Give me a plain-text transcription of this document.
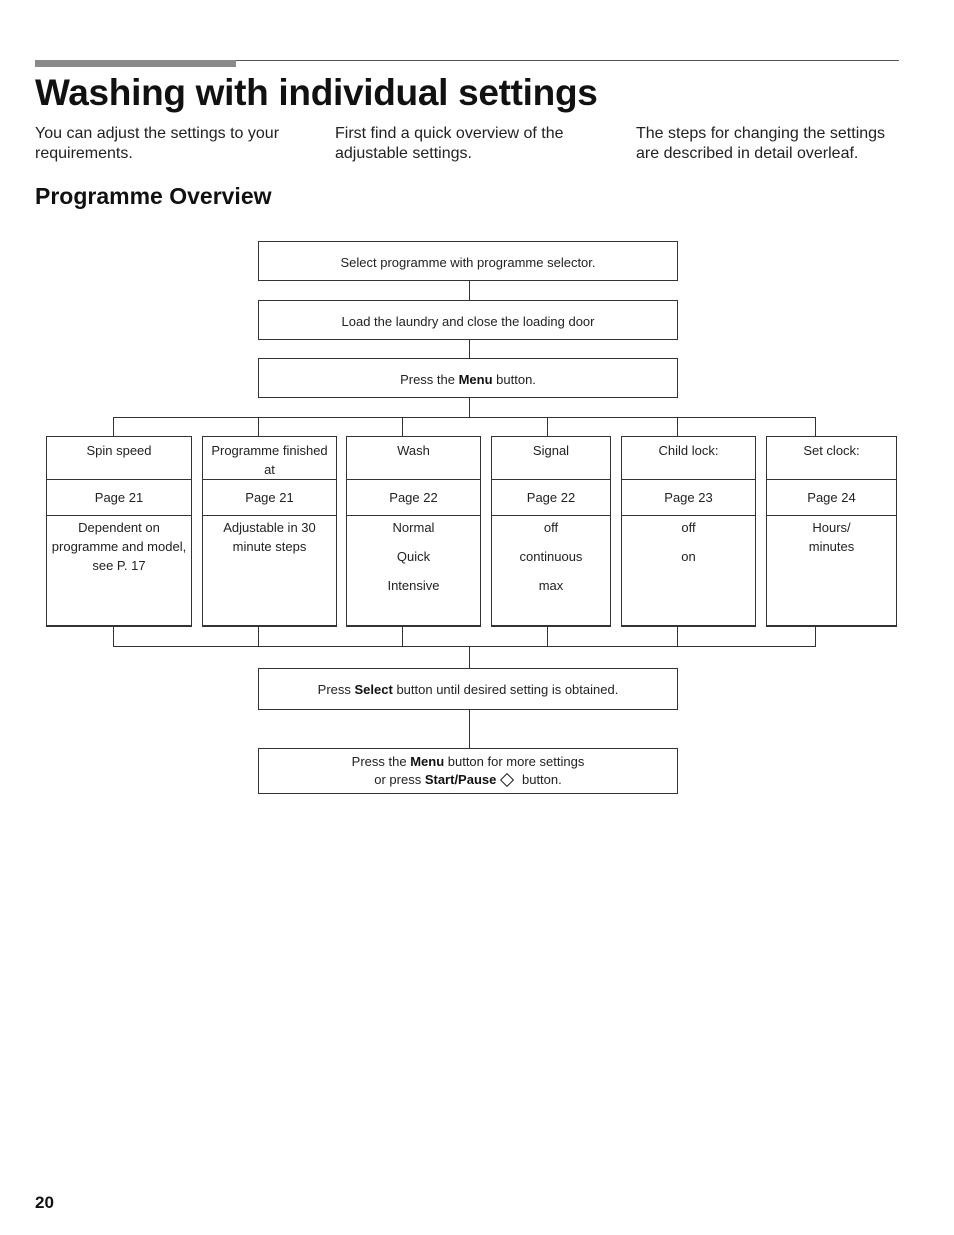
Washing with individual settings
You can adjust the settings to your requirements.
First find a quick overview of the adjustable settings.
The steps for changing the settings are described in detail overleaf.
Programme Overview
Select programme with programme selector.
Load the laundry and close the loading door
Press the Menu button.
Spin speed
Page 21
Dependent on programme and model, see P. 17
Programme finished at
Page 21
Adjustable in 30 minute steps
Wash
Page 22
Normal
Quick
Intensive
Signal
Page 22
off
continuous
max
Child lock:
Page 23
off
on
Set clock:
Page 24
Hours/ minutes
Press Select button until desired setting is obtained.
Press the Menu button for more settings
or press Start/Pause button.
20
